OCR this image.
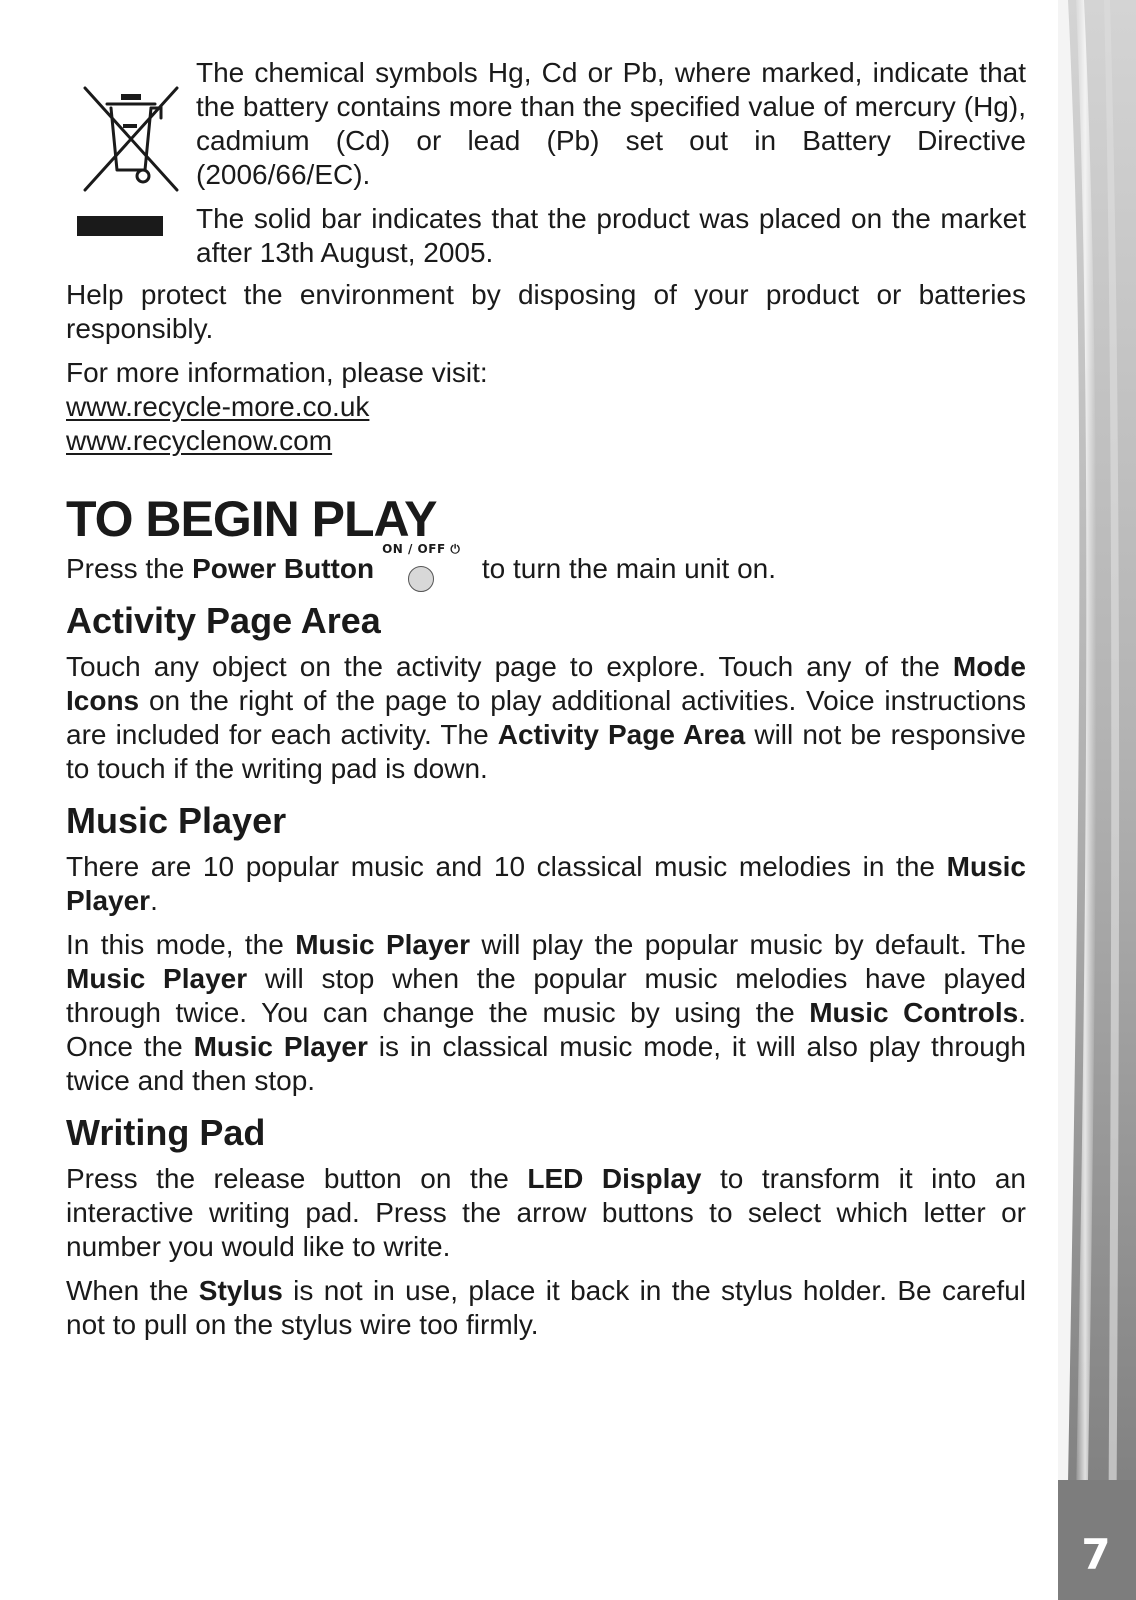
7

The chemical symbols Hg, Cd or Pb, where marked, indicate that the battery contains more than the specified value of mercury (Hg), cadmium (Cd) or lead (Pb) set out in Battery Directive (2006/66/EC).

The solid bar indicates that the product was placed on the market after 13th August, 2005.

Help protect the environment by disposing of your product or batteries responsibly.

For more information, please visit:
www.recycle-more.co.uk
www.recyclenow.com
TO BEGIN PLAY

Press the Power Button
ON / OFF ⏻
to turn the main unit on.

Activity Page Area

Touch any object on the activity page to explore. Touch any of the Mode Icons on the right of the page to play additional activities. Voice instructions are included for each activity. The Activity Page Area will not be responsive to touch if the writing pad is down.

Music Player

There are 10 popular music and 10 classical music melodies in the Music Player.

In this mode, the Music Player will play the popular music by default. The Music Player will stop when the popular music melodies have played through twice. You can change the music by using the Music Controls. Once the Music Player is in classical music mode, it will also play through twice and then stop.

Writing Pad

Press the release button on the LED Display to transform it into an interactive writing pad. Press the arrow buttons to select which letter or number you would like to write.

When the Stylus is not in use, place it back in the stylus holder. Be careful not to pull on the stylus wire too firmly.
